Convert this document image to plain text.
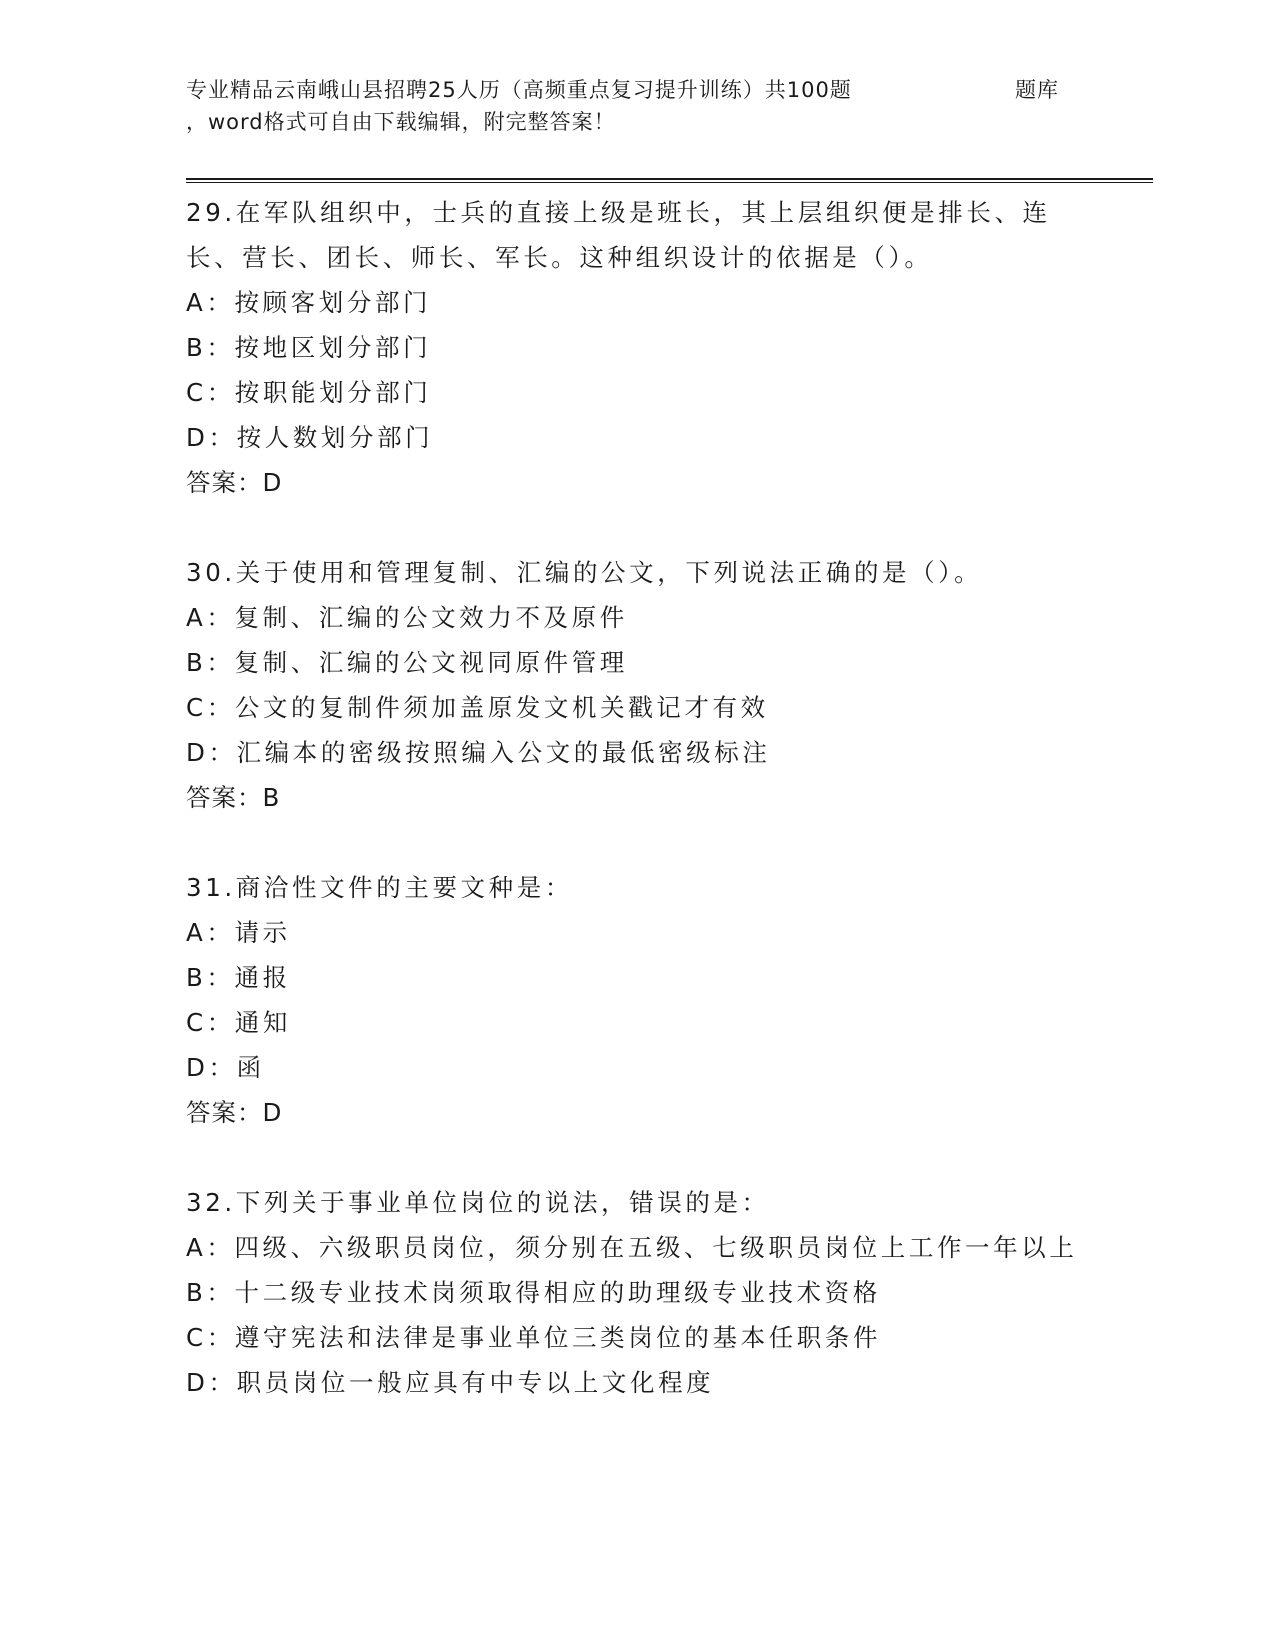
专业精品云南峨山县招聘25人历（高频重点复习提升训练）共100题	题库
，word格式可自由下载编辑，附完整答案！
29.在军队组织中，士兵的直接上级是班长，其上层组织便是排长、连长、营长、团长、师长、军长。这种组织设计的依据是（）。
A：按顾客划分部门
B：按地区划分部门
C：按职能划分部门
D：按人数划分部门
答案：D
30.关于使用和管理复制、汇编的公文，下列说法正确的是（）。
A：复制、汇编的公文效力不及原件
B：复制、汇编的公文视同原件管理
C：公文的复制件须加盖原发文机关戳记才有效
D：汇编本的密级按照编入公文的最低密级标注
答案：B
31.商洽性文件的主要文种是：
A：请示
B：通报
C：通知
D：函
答案：D
32.下列关于事业单位岗位的说法，错误的是：
A：四级、六级职员岗位，须分别在五级、七级职员岗位上工作一年以上
B：十二级专业技术岗须取得相应的助理级专业技术资格
C：遵守宪法和法律是事业单位三类岗位的基本任职条件
D：职员岗位一般应具有中专以上文化程度
